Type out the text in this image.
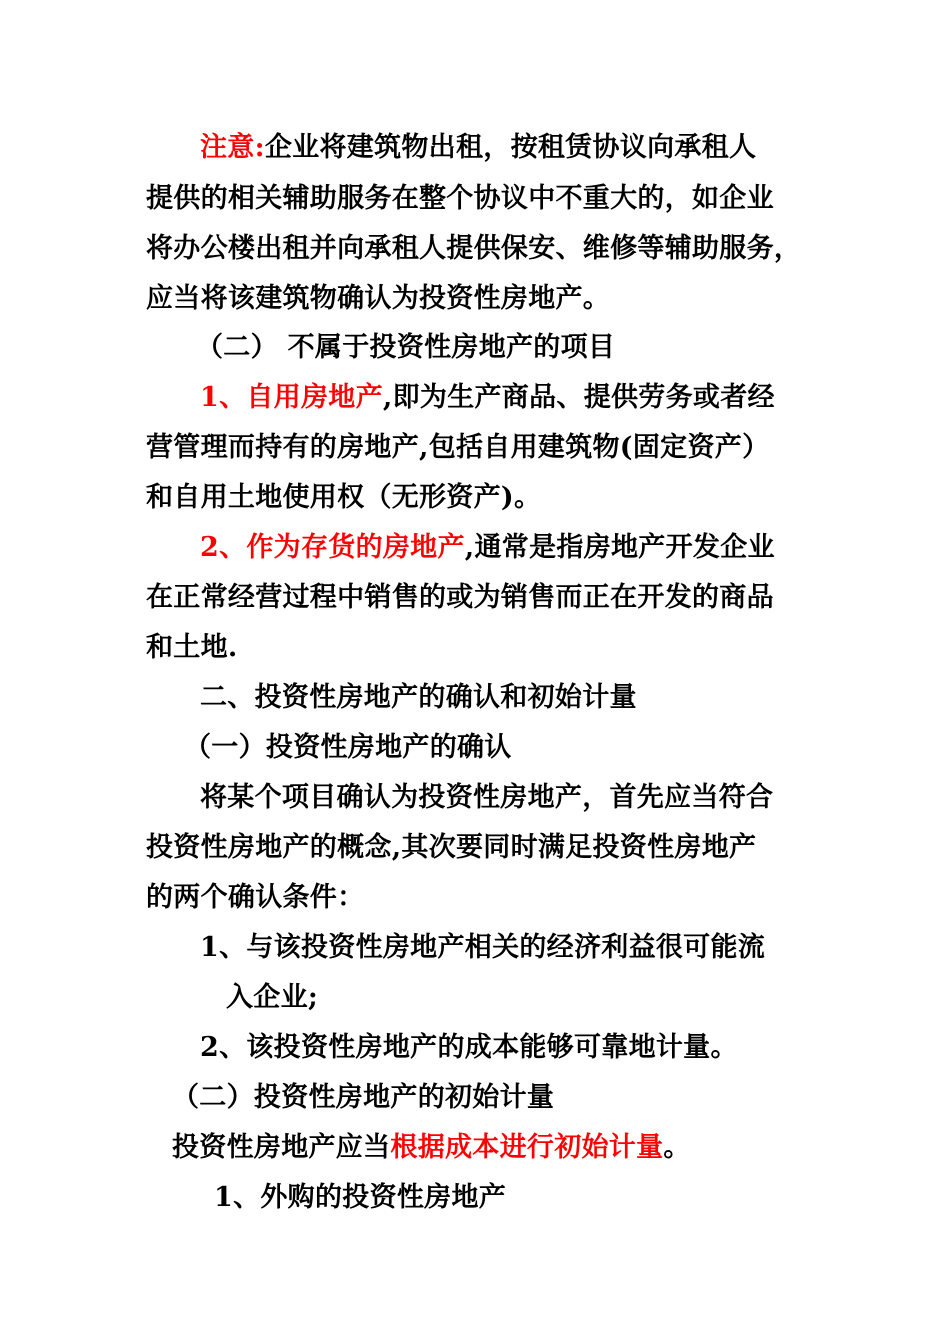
注意:企业将建筑物出租，按租赁协议向承租人
提供的相关辅助服务在整个协议中不重大的，如企业
将办公楼出租并向承租人提供保安、维修等辅助服务，
应当将该建筑物确认为投资性房地产。
（二） 不属于投资性房地产的项目
1、自用房地产,即为生产商品、提供劳务或者经
营管理而持有的房地产,包括自用建筑物(固定资产）
和自用土地使用权（无形资产)。
2、作为存货的房地产,通常是指房地产开发企业
在正常经营过程中销售的或为销售而正在开发的商品
和土地.
二、投资性房地产的确认和初始计量
（一）投资性房地产的确认
将某个项目确认为投资性房地产，首先应当符合
投资性房地产的概念,其次要同时满足投资性房地产
的两个确认条件：
1、与该投资性房地产相关的经济利益很可能流
入企业;
2、该投资性房地产的成本能够可靠地计量。
（二）投资性房地产的初始计量
投资性房地产应当根据成本进行初始计量。
1、外购的投资性房地产
